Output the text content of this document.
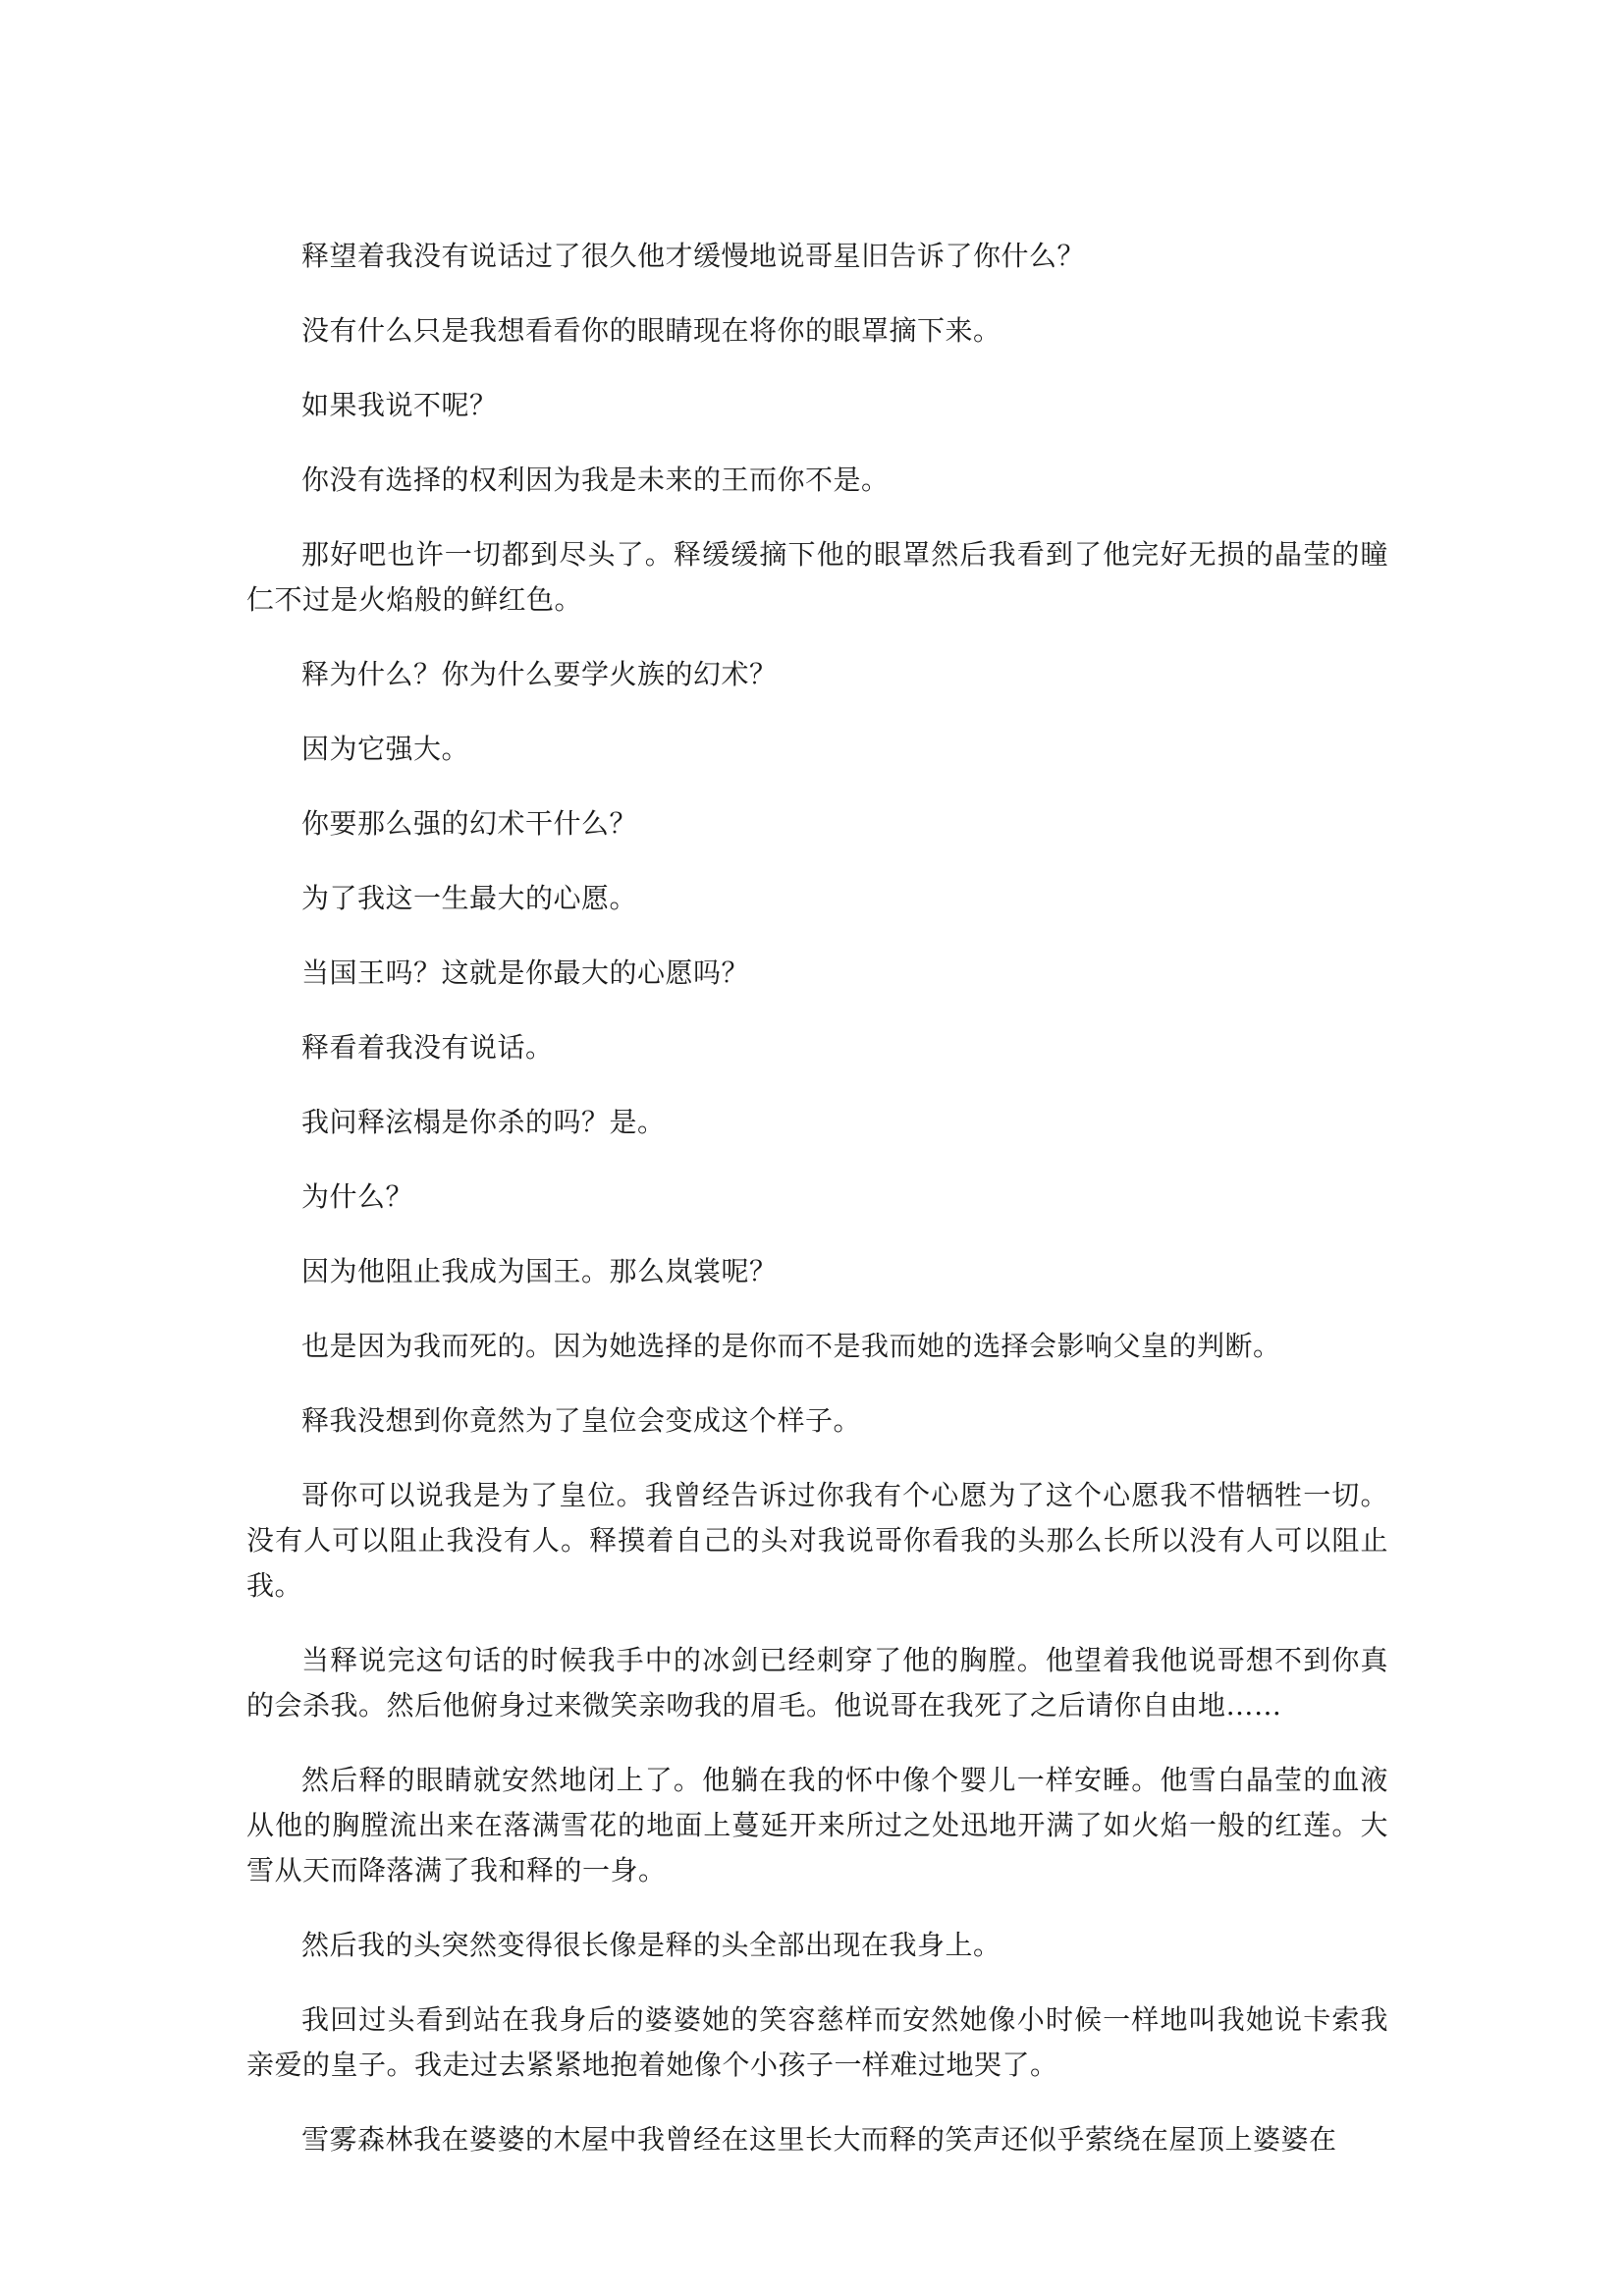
释望着我没有说话过了很久他才缓慢地说哥星旧告诉了你什么？

没有什么只是我想看看你的眼睛现在将你的眼罩摘下来。

如果我说不呢？

你没有选择的权利因为我是未来的王而你不是。

那好吧也许一切都到尽头了。释缓缓摘下他的眼罩然后我看到了他完好无损的晶莹的瞳仁不过是火焰般的鲜红色。

释为什么？你为什么要学火族的幻术？

因为它强大。

你要那么强的幻术干什么？

为了我这一生最大的心愿。

当国王吗？这就是你最大的心愿吗？

释看着我没有说话。

我问释泫榻是你杀的吗？是。

为什么？

因为他阻止我成为国王。那么岚裳呢？

也是因为我而死的。因为她选择的是你而不是我而她的选择会影响父皇的判断。

释我没想到你竟然为了皇位会变成这个样子。

哥你可以说我是为了皇位。我曾经告诉过你我有个心愿为了这个心愿我不惜牺牲一切。没有人可以阻止我没有人。释摸着自己的头对我说哥你看我的头那么长所以没有人可以阻止我。

当释说完这句话的时候我手中的冰剑已经刺穿了他的胸膛。他望着我他说哥想不到你真的会杀我。然后他俯身过来微笑亲吻我的眉毛。他说哥在我死了之后请你自由地……

然后释的眼睛就安然地闭上了。他躺在我的怀中像个婴儿一样安睡。他雪白晶莹的血液从他的胸膛流出来在落满雪花的地面上蔓延开来所过之处迅地开满了如火焰一般的红莲。大雪从天而降落满了我和释的一身。

然后我的头突然变得很长像是释的头全部出现在我身上。

我回过头看到站在我身后的婆婆她的笑容慈样而安然她像小时候一样地叫我她说卡索我亲爱的皇子。我走过去紧紧地抱着她像个小孩子一样难过地哭了。

雪雾森林我在婆婆的木屋中我曾经在这里长大而释的笑声还似乎萦绕在屋顶上婆婆在
